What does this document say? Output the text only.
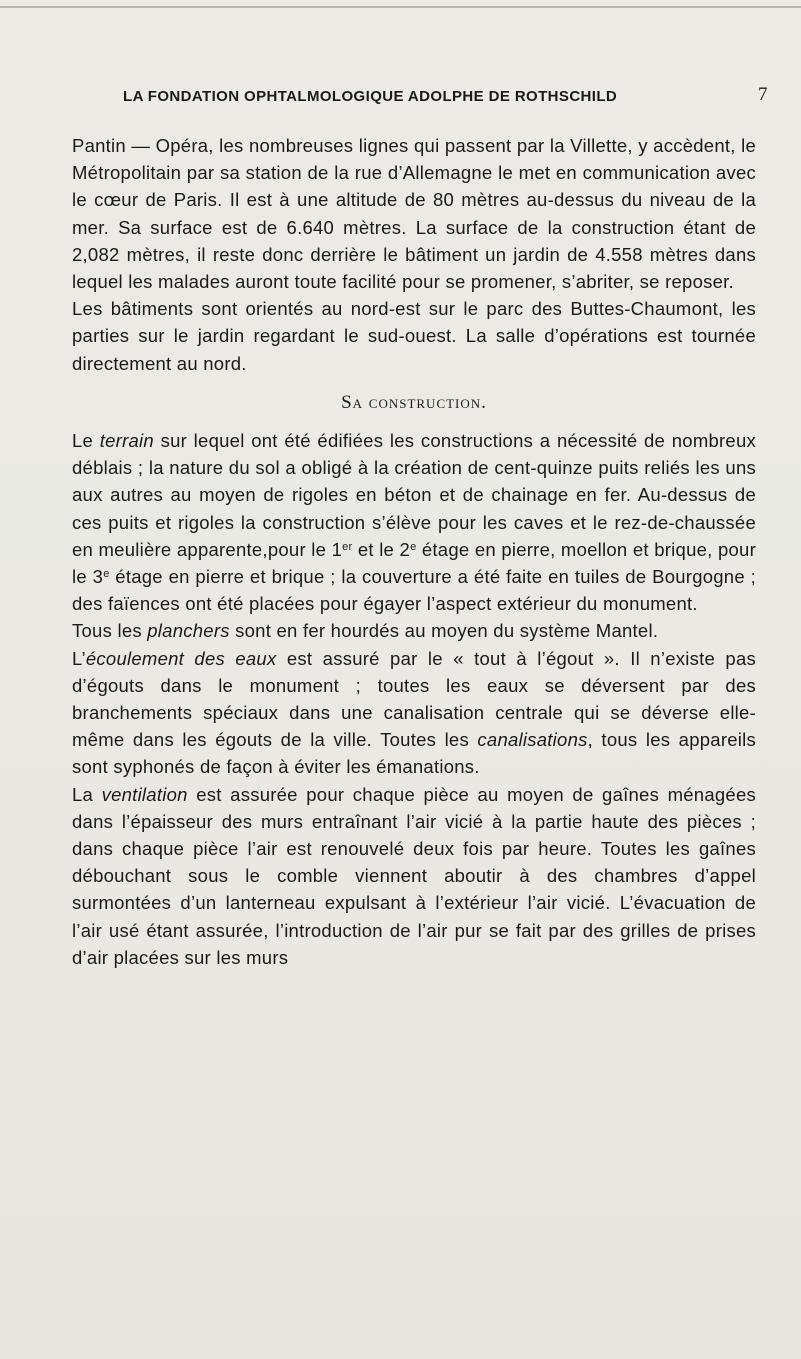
LA FONDATION OPHTALMOLOGIQUE ADOLPHE DE ROTHSCHILD	7

Pantin — Opéra, les nombreuses lignes qui passent par la Villette, y accèdent, le Métropolitain par sa station de la rue d’Allemagne le met en communication avec le cœur de Paris. Il est à une altitude de 80 mètres au-dessus du niveau de la mer. Sa surface est de 6.640 mètres. La surface de la construction étant de 2,082 mètres, il reste donc derrière le bâtiment un jardin de 4.558 mètres dans lequel les malades auront toute facilité pour se promener, s’abriter, se reposer.

Les bâtiments sont orientés au nord-est sur le parc des Buttes-Chaumont, les parties sur le jardin regardant le sud-ouest. La salle d’opérations est tournée directement au nord.

Sa construction.

Le terrain sur lequel ont été édifiées les constructions a nécessité de nombreux déblais ; la nature du sol a obligé à la création de cent-quinze puits reliés les uns aux autres au moyen de rigoles en béton et de chainage en fer. Au-dessus de ces puits et rigoles la construction s’élève pour les caves et le rez-de-chaussée en meulière apparente,pour le 1er et le 2e étage en pierre, moellon et brique, pour le 3e étage en pierre et brique ; la couverture a été faite en tuiles de Bourgogne ; des faïences ont été placées pour égayer l’aspect extérieur du monument.

Tous les planchers sont en fer hourdés au moyen du système Mantel.

L’écoulement des eaux est assuré par le « tout à l’égout ». Il n’existe pas d’égouts dans le monument ; toutes les eaux se déversent par des branchements spéciaux dans une canalisation centrale qui se déverse elle-même dans les égouts de la ville. Toutes les canalisations, tous les appareils sont syphonés de façon à éviter les émanations.

La ventilation est assurée pour chaque pièce au moyen de gaînes ménagées dans l’épaisseur des murs entraînant l’air vicié à la partie haute des pièces ; dans chaque pièce l’air est renouvelé deux fois par heure. Toutes les gaînes débouchant sous le comble viennent aboutir à des chambres d’appel surmontées d’un lanterneau expulsant à l’extérieur l’air vicié. L’évacuation de l’air usé étant assurée, l’introduction de l’air pur se fait par des grilles de prises d’air placées sur les murs
